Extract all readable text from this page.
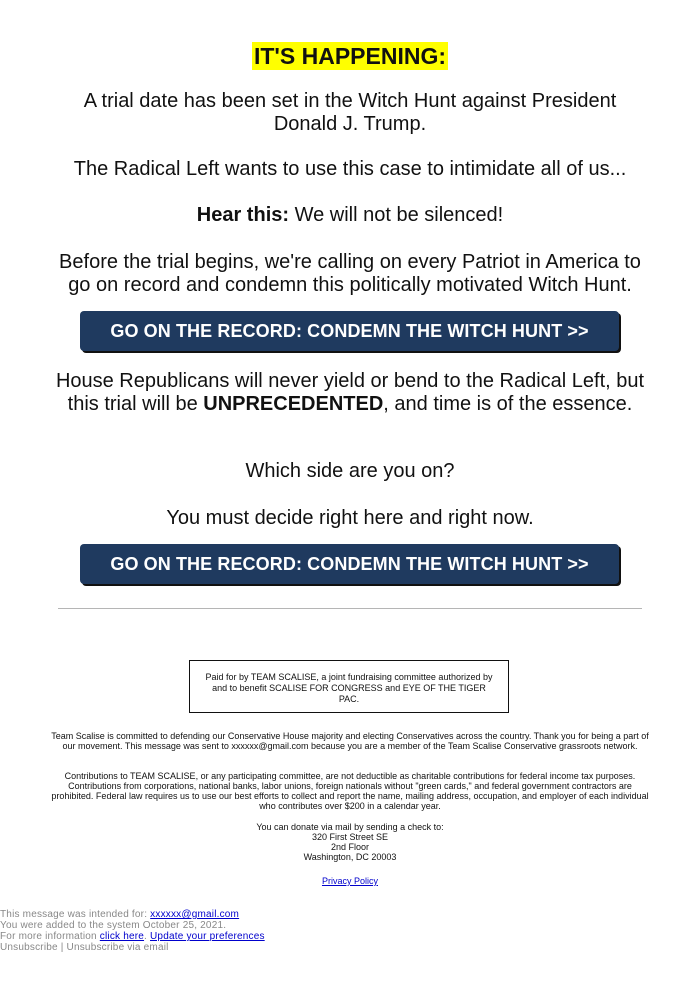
IT'S HAPPENING:
A trial date has been set in the Witch Hunt against President Donald J. Trump.
The Radical Left wants to use this case to intimidate all of us...
Hear this: We will not be silenced!
Before the trial begins, we're calling on every Patriot in America to go on record and condemn this politically motivated Witch Hunt.
GO ON THE RECORD: CONDEMN THE WITCH HUNT >>
House Republicans will never yield or bend to the Radical Left, but this trial will be UNPRECEDENTED, and time is of the essence.
Which side are you on?
You must decide right here and right now.
GO ON THE RECORD: CONDEMN THE WITCH HUNT >>
Paid for by TEAM SCALISE, a joint fundraising committee authorized by and to benefit SCALISE FOR CONGRESS and EYE OF THE TIGER PAC.
Team Scalise is committed to defending our Conservative House majority and electing Conservatives across the country. Thank you for being a part of our movement. This message was sent to xxxxxx@gmail.com because you are a member of the Team Scalise Conservative grassroots network.
Contributions to TEAM SCALISE, or any participating committee, are not deductible as charitable contributions for federal income tax purposes. Contributions from corporations, national banks, labor unions, foreign nationals without "green cards," and federal government contractors are prohibited. Federal law requires us to use our best efforts to collect and report the name, mailing address, occupation, and employer of each individual who contributes over $200 in a calendar year.
You can donate via mail by sending a check to:
320 First Street SE
2nd Floor
Washington, DC 20003
Privacy Policy
This message was intended for: xxxxxx@gmail.com
You were added to the system October 25, 2021.
For more information click here. Update your preferences
Unsubscribe | Unsubscribe via email
